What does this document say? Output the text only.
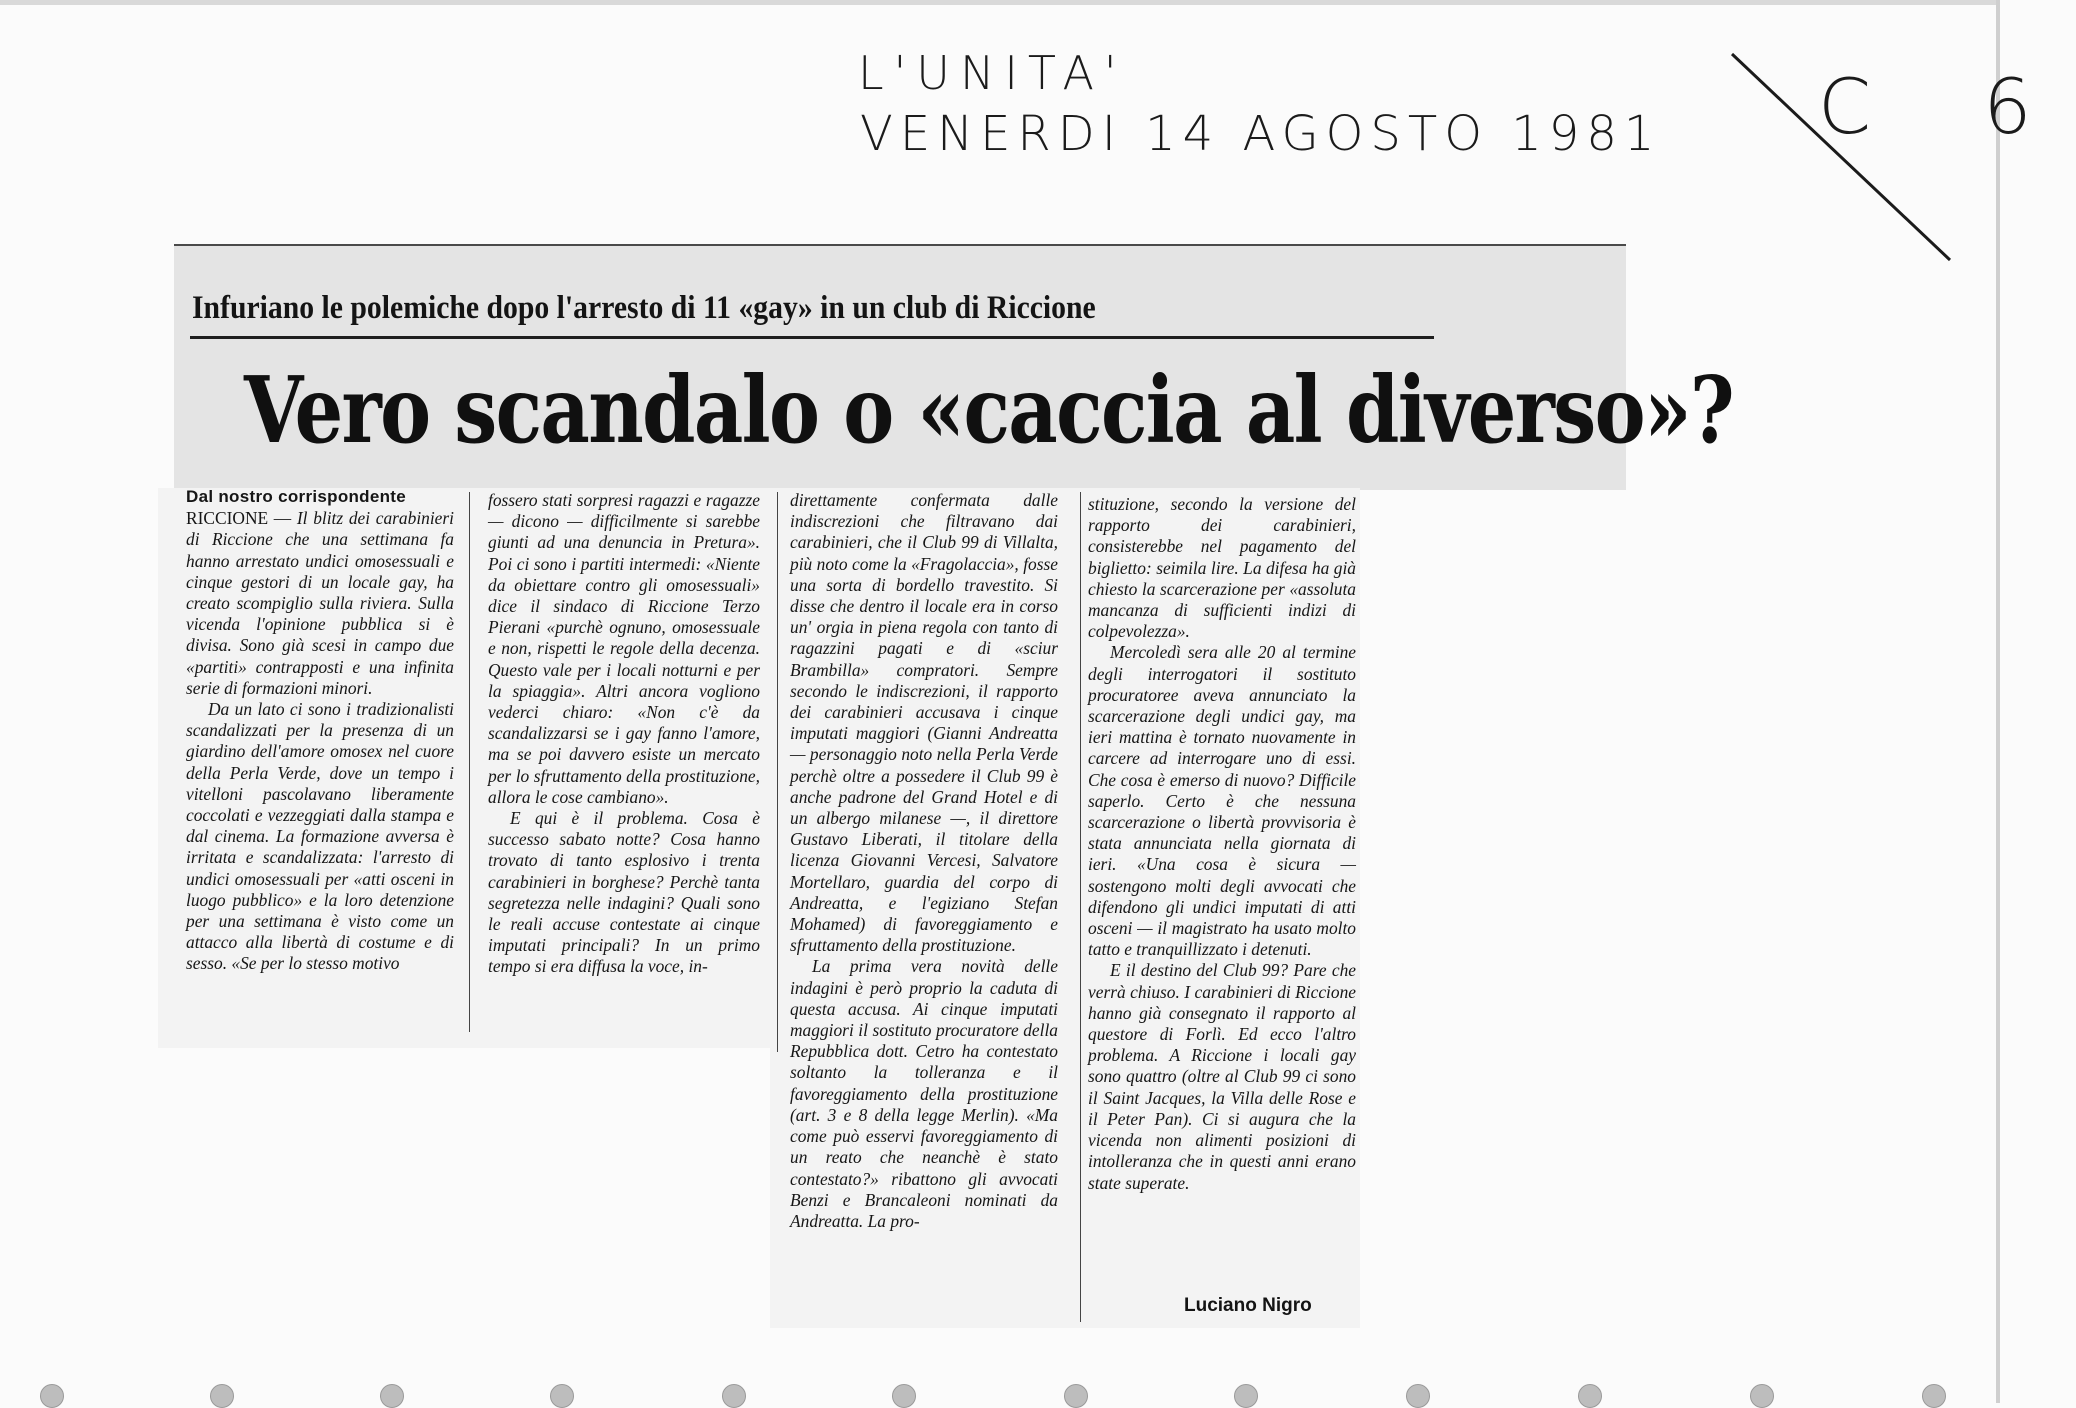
L'UNITA'
VENERDI 14 AGOSTO 1981 C 6
Infuriano le polemiche dopo l'arresto di 11 «gay» in un club di Riccione
Vero scandalo o «caccia al diverso»?
Dal nostro corrispondente

RICCIONE — Il blitz dei carabinieri di Riccione che una settimana fa hanno arrestato undici omosessuali e cinque gestori di un locale gay, ha creato scompiglio sulla riviera. Sulla vicenda l'opinione pubblica si è divisa. Sono già scesi in campo due «partiti» contrapposti e una infinita serie di formazioni minori.

Da un lato ci sono i tradizionalisti scandalizzati per la presenza di un giardino dell'amore omosex nel cuore della Perla Verde, dove un tempo i vitelloni pascolavano liberamente coccolati e vezzeggiati dalla stampa e dal cinema. La formazione avversa è irritata e scandalizzata: l'arresto di undici omosessuali per «atti osceni in luogo pubblico» e la loro detenzione per una settimana è visto come un attacco alla libertà di costume e di sesso. «Se per lo stesso motivo

fossero stati sorpresi ragazzi e ragazze — dicono — difficilmente si sarebbe giunti ad una denuncia in Pretura». Poi ci sono i partiti intermedi: «Niente da obiettare contro gli omosessuali» dice il sindaco di Riccione Terzo Pierani «purchè ognuno, omosessuale e non, rispetti le regole della decenza. Questo vale per i locali notturni e per la spiaggia». Altri ancora vogliono vederci chiaro: «Non c'è da scandalizzarsi se i gay fanno l'amore, ma se poi davvero esiste un mercato per lo sfruttamento della prostituzione, allora le cose cambiano».

E qui è il problema. Cosa è successo sabato notte? Cosa hanno trovato di tanto esplosivo i trenta carabinieri in borghese? Perchè tanta segretezza nelle indagini? Quali sono le reali accuse contestate ai cinque imputati principali? In un primo tempo si era diffusa la voce, in-

direttamente confermata dalle indiscrezioni che filtravano dai carabinieri, che il Club 99 di Villalta, più noto come la «Fragolaccia», fosse una sorta di bordello travestito. Si disse che dentro il locale era in corso un' orgia in piena regola con tanto di ragazzini pagati e di «sciur Brambilla» compratori. Sempre secondo le indiscrezioni, il rapporto dei carabinieri accusava i cinque imputati maggiori (Gianni Andreatta — personaggio noto nella Perla Verde perchè oltre a possedere il Club 99 è anche padrone del Grand Hotel e di un albergo milanese —, il direttore Gustavo Liberati, il titolare della licenza Giovanni Vercesi, Salvatore Mortellaro, guardia del corpo di Andreatta, e l'egiziano Stefan Mohamed) di favoreggiamento e sfruttamento della prostituzione.

La prima vera novità delle indagini è però proprio la caduta di questa accusa. Ai cinque imputati maggiori il sostituto procuratore della Repubblica dott. Cetro ha contestato soltanto la tolleranza e il favoreggiamento della prostituzione (art. 3 e 8 della legge Merlin). «Ma come può esservi favoreggiamento di un reato che neanchè è stato contestato?» ribattono gli avvocati Benzi e Brancaleoni nominati da Andreatta. La pro-

stituzione, secondo la versione del rapporto dei carabinieri, consisterebbe nel pagamento del biglietto: seimila lire. La difesa ha già chiesto la scarcerazione per «assoluta mancanza di sufficienti indizi di colpevolezza».

Mercoledì sera alle 20 al termine degli interrogatori il sostituto procuratoree aveva annunciato la scarcerazione degli undici gay, ma ieri mattina è tornato nuovamente in carcere ad interrogare uno di essi. Che cosa è emerso di nuovo? Difficile saperlo. Certo è che nessuna scarcerazione o libertà provvisoria è stata annunciata nella giornata di ieri. «Una cosa è sicura — sostengono molti degli avvocati che difendono gli undici imputati di atti osceni — il magistrato ha usato molto tatto e tranquillizzato i detenuti.

E il destino del Club 99? Pare che verrà chiuso. I carabinieri di Riccione hanno già consegnato il rapporto al questore di Forlì. Ed ecco l'altro problema. A Riccione i locali gay sono quattro (oltre al Club 99 ci sono il Saint Jacques, la Villa delle Rose e il Peter Pan). Ci si augura che la vicenda non alimenti posizioni di intolleranza che in questi anni erano state superate.

Luciano Nigro
